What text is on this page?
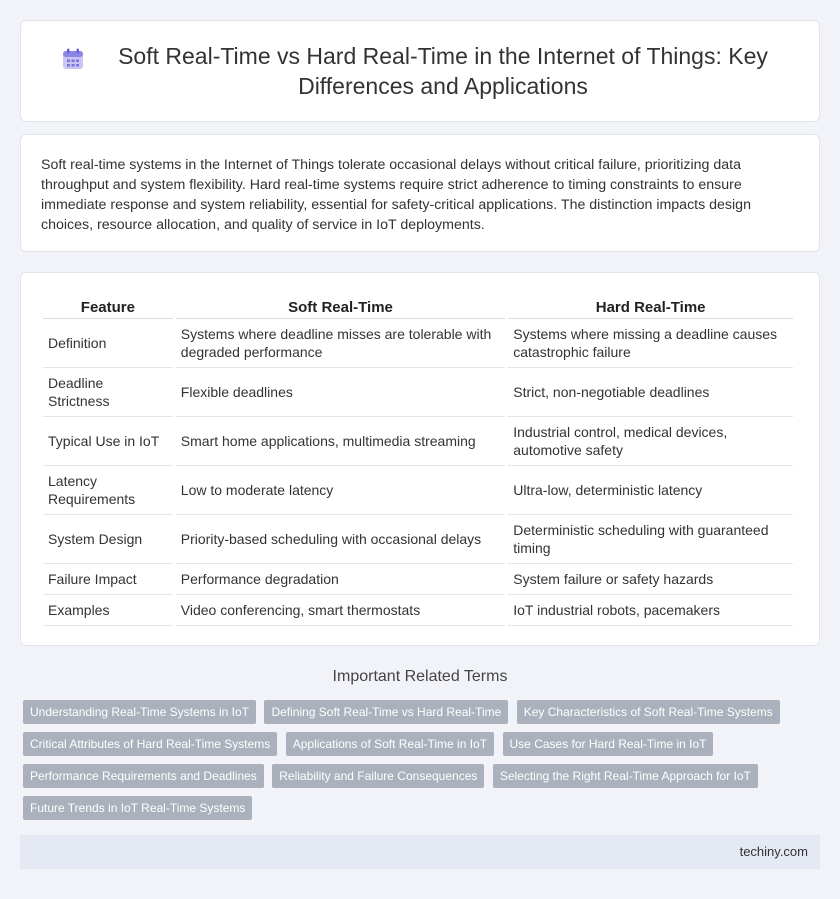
Soft Real-Time vs Hard Real-Time in the Internet of Things: Key Differences and Applications

Soft real-time systems in the Internet of Things tolerate occasional delays without critical failure, prioritizing data throughput and system flexibility. Hard real-time systems require strict adherence to timing constraints to ensure immediate response and system reliability, essential for safety-critical applications. The distinction impacts design choices, resource allocation, and quality of service in IoT deployments.

Feature	Soft Real-Time	Hard Real-Time
Definition	Systems where deadline misses are tolerable with degraded performance	Systems where missing a deadline causes catastrophic failure
Deadline Strictness	Flexible deadlines	Strict, non-negotiable deadlines
Typical Use in IoT	Smart home applications, multimedia streaming	Industrial control, medical devices, automotive safety
Latency Requirements	Low to moderate latency	Ultra-low, deterministic latency
System Design	Priority-based scheduling with occasional delays	Deterministic scheduling with guaranteed timing
Failure Impact	Performance degradation	System failure or safety hazards
Examples	Video conferencing, smart thermostats	IoT industrial robots, pacemakers
Important Related Terms
Understanding Real-Time Systems in IoT Defining Soft Real-Time vs Hard Real-Time Key Characteristics of Soft Real-Time Systems Critical Attributes of Hard Real-Time Systems Applications of Soft Real-Time in IoT Use Cases for Hard Real-Time in IoT Performance Requirements and Deadlines Reliability and Failure Consequences Selecting the Right Real-Time Approach for IoT Future Trends in IoT Real-Time Systems
techiny.com
